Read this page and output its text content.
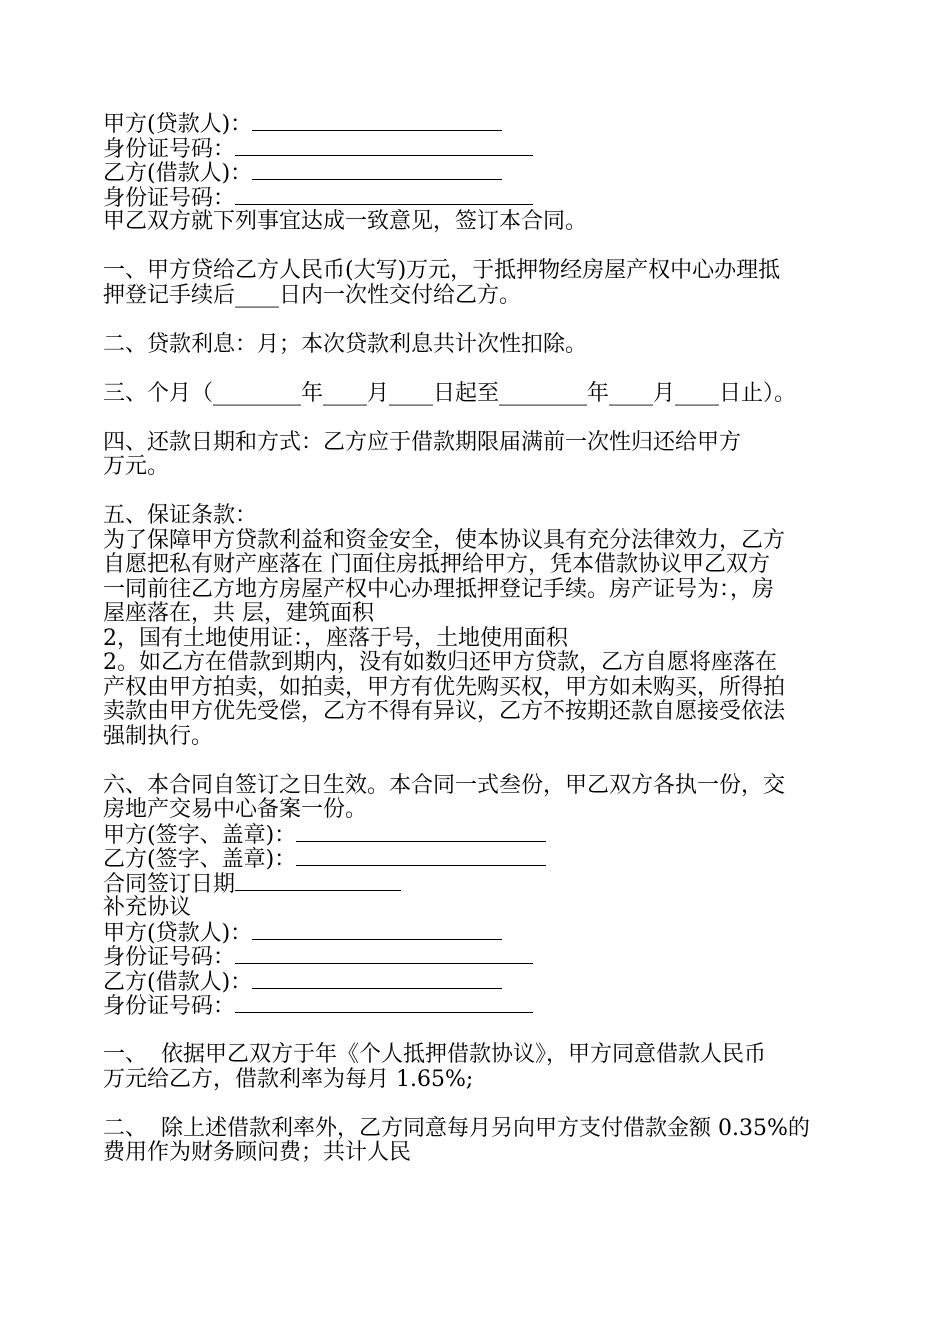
甲方(贷款人)：
身份证号码：
乙方(借款人)：
身份证号码：
甲乙双方就下列事宜达成一致意见，签订本合同。
一、甲方贷给乙方人民币(大写)万元，于抵押物经房屋产权中心办理抵
押登记手续后____日内一次性交付给乙方。
二、贷款利息：月；本次贷款利息共计次性扣除。
三、个月（________年____月____日起至________年____月____日止）。
四、还款日期和方式：乙方应于借款期限届满前一次性归还给甲方
万元。
五、保证条款：
为了保障甲方贷款利益和资金安全，使本协议具有充分法律效力，乙方
自愿把私有财产座落在 门面住房抵押给甲方，凭本借款协议甲乙双方
一同前往乙方地方房屋产权中心办理抵押登记手续。房产证号为：，房
屋座落在，共 层，建筑面积
2，国有土地使用证：，座落于号，土地使用面积
2。如乙方在借款到期内，没有如数归还甲方贷款，乙方自愿将座落在
产权由甲方拍卖，如拍卖，甲方有优先购买权，甲方如未购买，所得拍
卖款由甲方优先受偿，乙方不得有异议，乙方不按期还款自愿接受依法
强制执行。
六、本合同自签订之日生效。本合同一式叁份，甲乙双方各执一份，交
房地产交易中心备案一份。
甲方(签字、盖章)：
乙方(签字、盖章)：
合同签订日期
补充协议
甲方(贷款人)：
身份证号码：
乙方(借款人)：
身份证号码：
一、  依据甲乙双方于年《个人抵押借款协议》，甲方同意借款人民币
万元给乙方，借款利率为每月 1.65%;
二、  除上述借款利率外，乙方同意每月另向甲方支付借款金额 0.35%的
费用作为财务顾问费；共计人民
